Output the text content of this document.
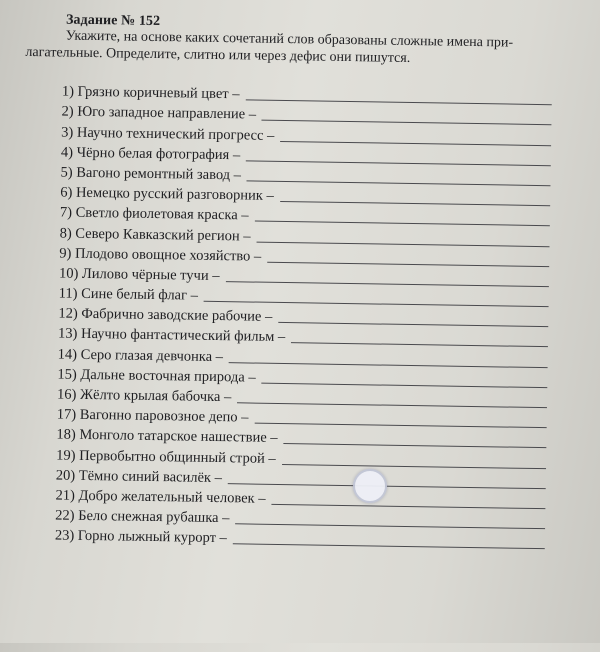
Задание № 152
Укажите, на основе каких сочетаний слов образованы сложные имена при-
лагательные. Определите, слитно или через дефис они пишутся.
1)
Грязно коричневый цвет –
2)
Юго западное направление –
3)
Научно технический прогресс –
4)
Чёрно белая фотография –
5)
Вагоно ремонтный завод –
6)
Немецко русский разговорник –
7)
Светло фиолетовая краска –
8)
Северо Кавказский регион –
9)
Плодово овощное хозяйство –
10)
Лилово чёрные тучи –
11)
Сине белый флаг –
12)
Фабрично заводские рабочие –
13)
Научно фантастический фильм –
14)
Серо глазая девчонка –
15)
Дальне восточная природа –
16)
Жёлто крылая бабочка –
17)
Вагонно паровозное депо –
18)
Монголо татарское нашествие –
19)
Первобытно общинный строй –
20)
Тёмно синий василёк –
21)
Добро желательный человек –
22)
Бело снежная рубашка –
23)
Горно лыжный курорт –
